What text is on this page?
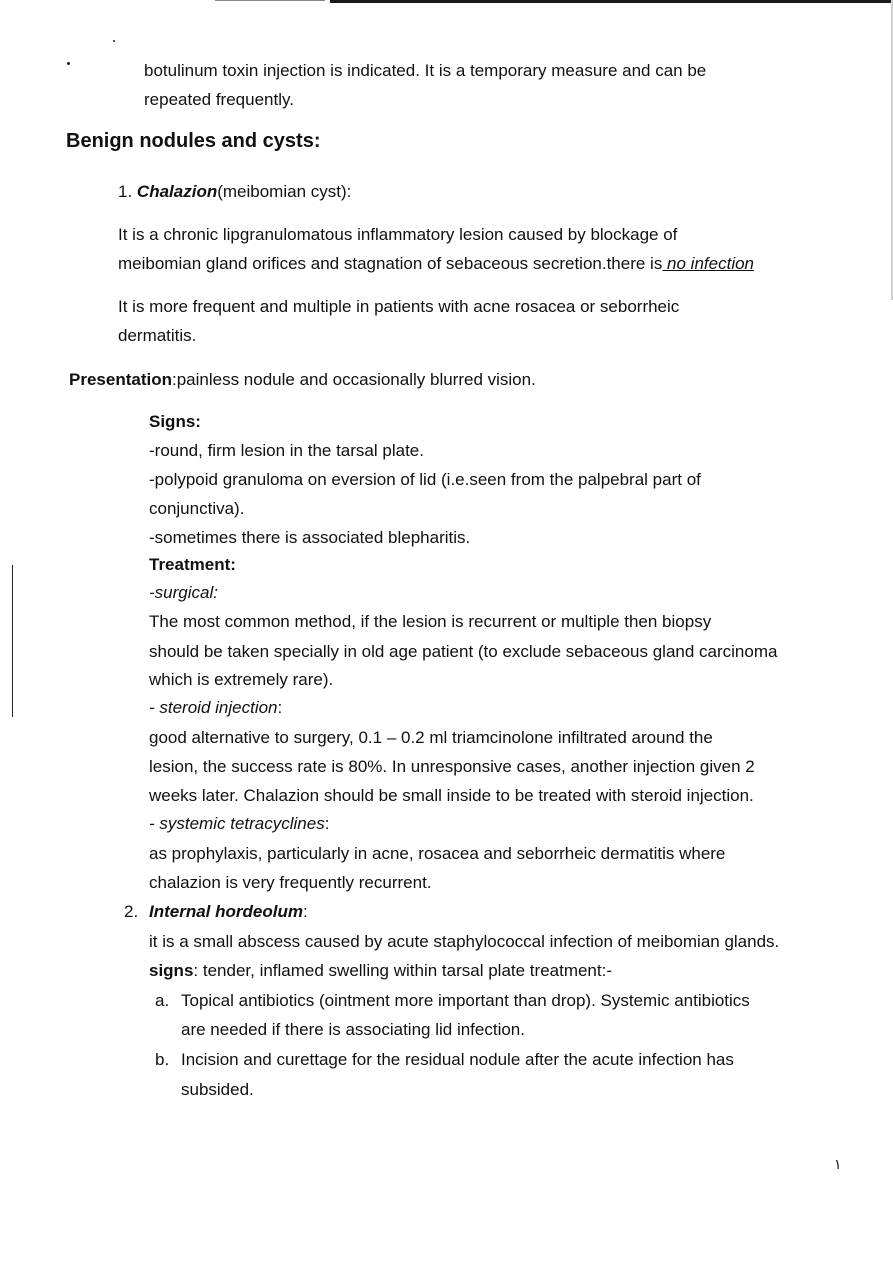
botulinum toxin injection is indicated. It is a temporary measure and can be
repeated frequently.
Benign nodules and cysts:
1. Chalazion(meibomian cyst):
It is a chronic lipgranulomatous inflammatory lesion caused by blockage of
meibomian gland orifices and stagnation of sebaceous secretion.there is no infection
It is more frequent and multiple in patients with acne rosacea or seborrheic
dermatitis.
Presentation:painless nodule and occasionally blurred vision.
Signs:
-round, firm lesion in the tarsal plate.
-polypoid granuloma on eversion of lid (i.e.seen from the palpebral part of
conjunctiva).
-sometimes there is associated blepharitis.
Treatment:
-surgical:
The most common method, if the lesion is recurrent or multiple then biopsy
should be taken specially in old age patient (to exclude sebaceous gland carcinoma
which is extremely rare).
- steroid injection:
good alternative to surgery, 0.1 – 0.2 ml triamcinolone infiltrated around the
lesion, the success rate is 80%. In unresponsive cases, another injection given 2
weeks later. Chalazion should be small inside to be treated with steroid injection.
- systemic tetracyclines:
as prophylaxis, particularly in acne, rosacea and seborrheic dermatitis where
chalazion is very frequently recurrent.
2. Internal hordeolum:
it is a small abscess caused by acute staphylococcal infection of meibomian glands.
signs: tender, inflamed swelling within tarsal plate treatment:-
a. Topical antibiotics (ointment more important than drop). Systemic antibiotics
are needed if there is associating lid infection.
b. Incision and curettage for the residual nodule after the acute infection has
subsided.
١
